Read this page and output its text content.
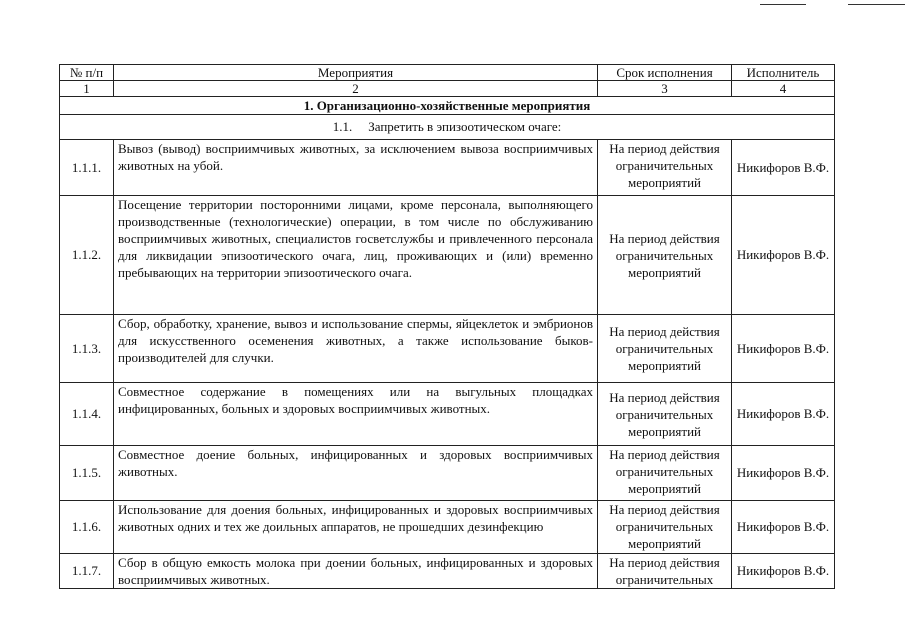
№ п/п	Мероприятия	Срок исполнения	Исполнитель
1	2	3	4
1. Организационно-хозяйственные мероприятия			
1.1. Запретить в эпизоотическом очаге:			
1.1.1.	Вывоз (вывод) восприимчивых животных, за исключением вывоза восприимчивых животных на убой.	На период действия ограничительных мероприятий	Никифоров В.Ф.
1.1.2.	Посещение территории посторонними лицами, кроме персонала, выполняющего производственные (технологические) операции, в том числе по обслуживанию восприимчивых животных, специалистов госветслужбы и привлеченного персонала для ликвидации эпизоотического очага, лиц, проживающих и (или) временно пребывающих на территории эпизоотического очага.	На период действия ограничительных мероприятий	Никифоров В.Ф.
1.1.3.	Сбор, обработку, хранение, вывоз и использование спермы, яйцеклеток и эмбрионов для искусственного осеменения животных, а также использование быков-производителей для случки.	На период действия ограничительных мероприятий	Никифоров В.Ф.
1.1.4.	Совместное содержание в помещениях или на выгульных площадках инфицированных, больных и здоровых восприимчивых животных.	На период действия ограничительных мероприятий	Никифоров В.Ф.
1.1.5.	Совместное доение больных, инфицированных и здоровых восприимчивых животных.	На период действия ограничительных мероприятий	Никифоров В.Ф.
1.1.6.	Использование для доения больных, инфицированных и здоровых восприимчивых животных одних и тех же доильных аппаратов, не прошедших дезинфекцию	На период действия ограничительных мероприятий	Никифоров В.Ф.
1.1.7.	Сбор в общую емкость молока при доении больных, инфицированных и здоровых восприимчивых животных.	На период действия ограничительных	Никифоров В.Ф.
